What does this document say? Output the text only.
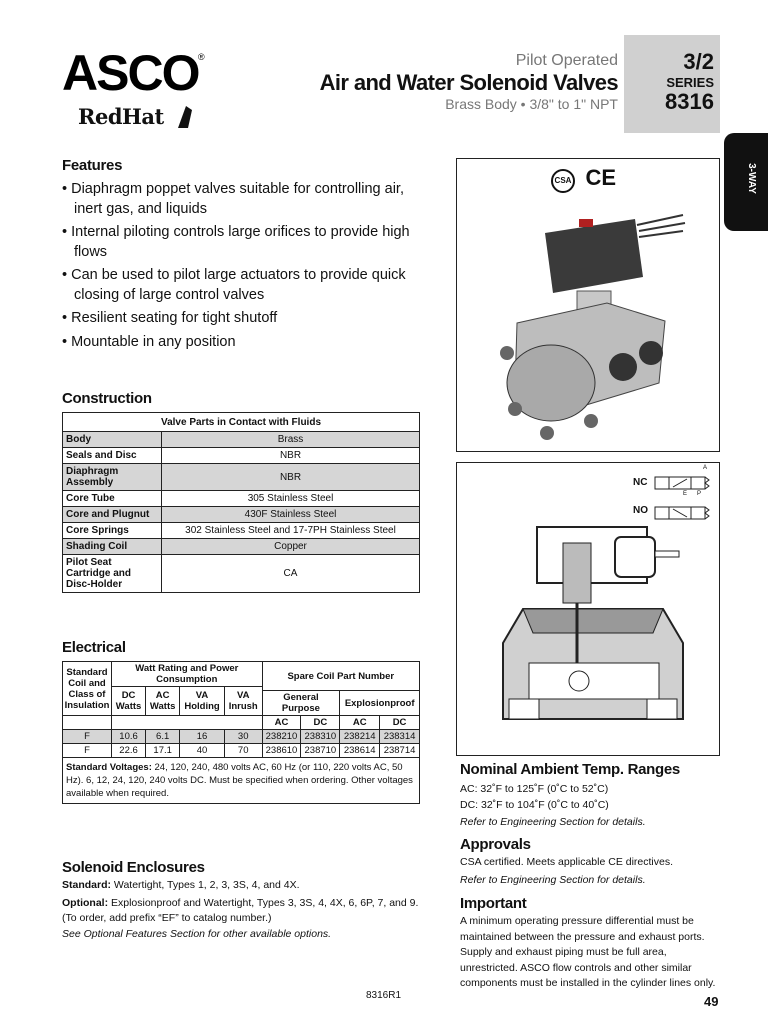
ASCO ®
RedHat
Pilot Operated
Air and Water Solenoid Valves
Brass Body • 3/8" to 1" NPT
3/2
SERIES
8316
3-WAY
Features
• Diaphragm poppet valves suitable for controlling air, inert gas, and liquids
• Internal piloting controls large orifices to provide high flows
• Can be used to pilot large actuators to provide quick closing of large control valves
• Resilient seating for tight shutoff
• Mountable in any position
Construction
Valve Parts in Contact with Fluids	
Body	Brass
Seals and Disc	NBR
Diaphragm Assembly	NBR
Core Tube	305 Stainless Steel
Core and Plugnut	430F Stainless Steel
Core Springs	302 Stainless Steel and 17-7PH Stainless Steel
Shading Coil	Copper
Pilot Seat Cartridge and Disc-Holder	CA
Electrical
Standard Coil and Class of Insulation	Watt Rating and Power Consumption				Spare Coil Part Number			
	DC Watts	AC Watts	VA Holding	VA Inrush				
					General Purpose		Explosionproof	
					AC	DC	AC	DC
F	10.6	6.1	16	30	238210	238310	238214	238314
F	22.6	17.1	40	70	238610	238710	238614	238714
Standard Voltages: 24, 120, 240, 480 volts AC, 60 Hz (or 110, 220 volts AC, 50 Hz). 6, 12, 24, 120, 240 volts DC. Must be specified when ordering. Other voltages available when required.								
Solenoid Enclosures
Standard: Watertight, Types 1, 2, 3, 3S, 4, and 4X.
Optional: Explosionproof and Watertight, Types 3, 3S, 4, 4X, 6, 6P, 7, and 9. (To order, add prefix “EF” to catalog number.)
See Optional Features Section for other available options.
CSA CE
NC
NO
A
E P
Nominal Ambient Temp. Ranges
AC: 32˚F to 125˚F (0˚C to 52˚C)
DC: 32˚F to 104˚F (0˚C to 40˚C)
Refer to Engineering Section for details.
Approvals
CSA certified. Meets applicable CE directives.
Refer to Engineering Section for details.
Important
A minimum operating pressure differential must be maintained between the pressure and exhaust ports. Supply and exhaust piping must be full area, unrestricted. ASCO flow controls and other similar components must be installed in the cylinder lines only.
8316R1	49
